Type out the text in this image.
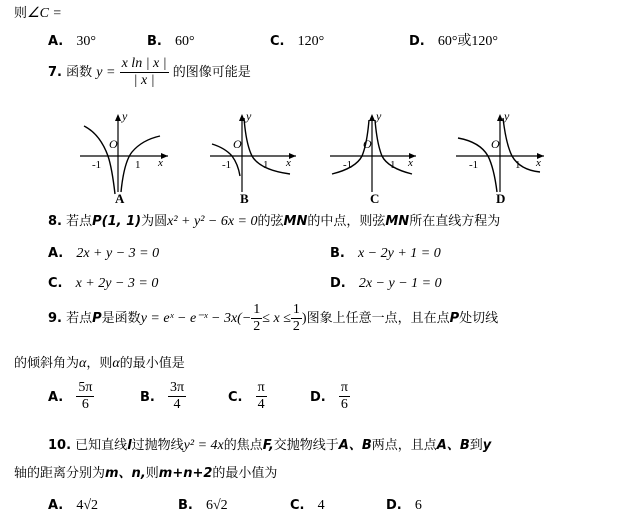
则∠C =
A. 30°	B. 60°	C. 120°	D. 60°或120°
7. 函数 $y = \frac{\text{x ln | x |}}{| x |}$ 的图像可能是
y
O
-1	1 x
A
y
O
-1	1 x
B
y
O
-1	1 x
C
y
O
-1	1 x
D
8. 若点P(1, 1)为圆x² + y² − 6x = 0的弦MN的中点，则弦MN所在直线方程为
A. 2x + y − 3 = 0	B. x − 2y + 1 = 0
C. x + 2y − 3 = 0	D. 2x − y − 1 = 0
9. 若点P是函数y = eˣ − e⁻ˣ − $3x(- \frac{1}{2} \le x \le \frac{1}{2}$ )图象上任意一点，且在点P处切线
的倾斜角为α，则α的最小值是
A. $\frac{5\pi}{6}$	B. $\frac{3\pi}{4}$	C. $\frac{\pi}{4}$	D. $\frac{\pi}{6}$
10. 已知直线l过抛物线y² = 4x的焦点F,交抛物线于A、B两点，且点A、B到y
轴的距离分别为m、n,则m+n+2的最小值为
A. 4√2	B. 6√2	C. 4	D. 6
